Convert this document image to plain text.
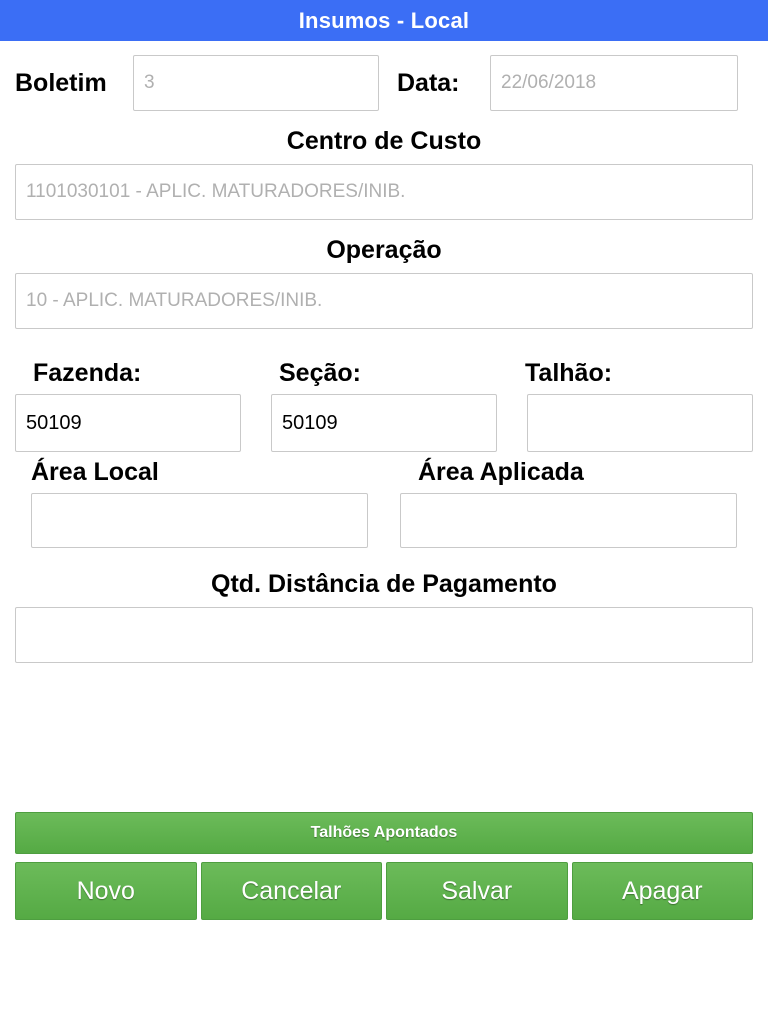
Insumos - Local
Boletim	3	Data:	22/06/2018
Centro de Custo
1101030101 - APLIC. MATURADORES/INIB.
Operação
10 - APLIC. MATURADORES/INIB.
Fazenda:	Seção:	Talhão:
50109	50109
Área Local	Área Aplicada
Qtd. Distância de Pagamento
Talhões Apontados
Novo	Cancelar	Salvar	Apagar
